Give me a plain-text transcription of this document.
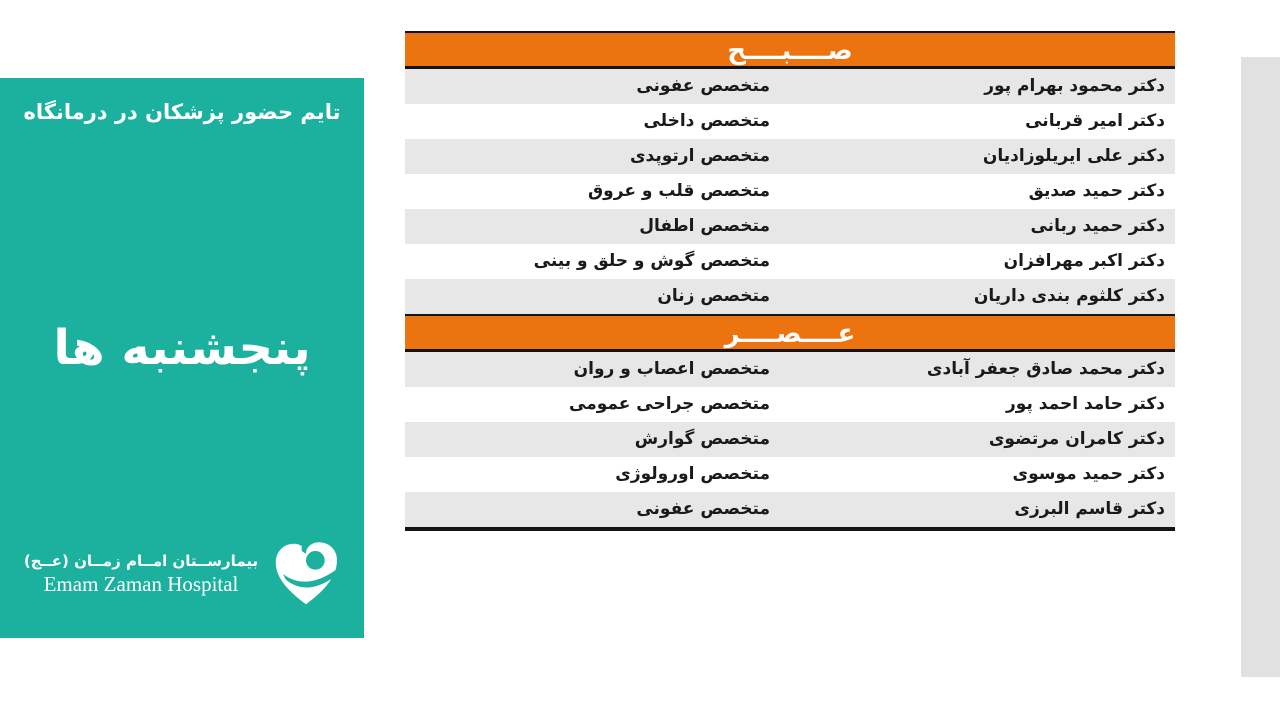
تایم حضور پزشکان در درمانگاه
پنجشنبه ها
بیمارســتان امــام زمــان (عــج)
Emam Zaman Hospital
صــــبــــح
دکتر محمود بهرام پور
متخصص عفونی
دکتر امیر قربانی
متخصص داخلی
دکتر علی ایریلوزادیان
متخصص ارتوپدی
دکتر حمید صدیق
متخصص قلب و عروق
دکتر حمید ربانی
متخصص اطفال
دکتر اکبر مهرافزان
متخصص گوش و حلق و بینی
دکتر کلثوم بندی داریان
متخصص زنان
عــــصــــر
دکتر محمد صادق جعفر آبادی
متخصص اعصاب و روان
دکتر حامد احمد پور
متخصص جراحی عمومی
دکتر کامران مرتضوی
متخصص گوارش
دکتر حمید موسوی
متخصص اورولوژی
دکتر قاسم البرزی
متخصص عفونی
